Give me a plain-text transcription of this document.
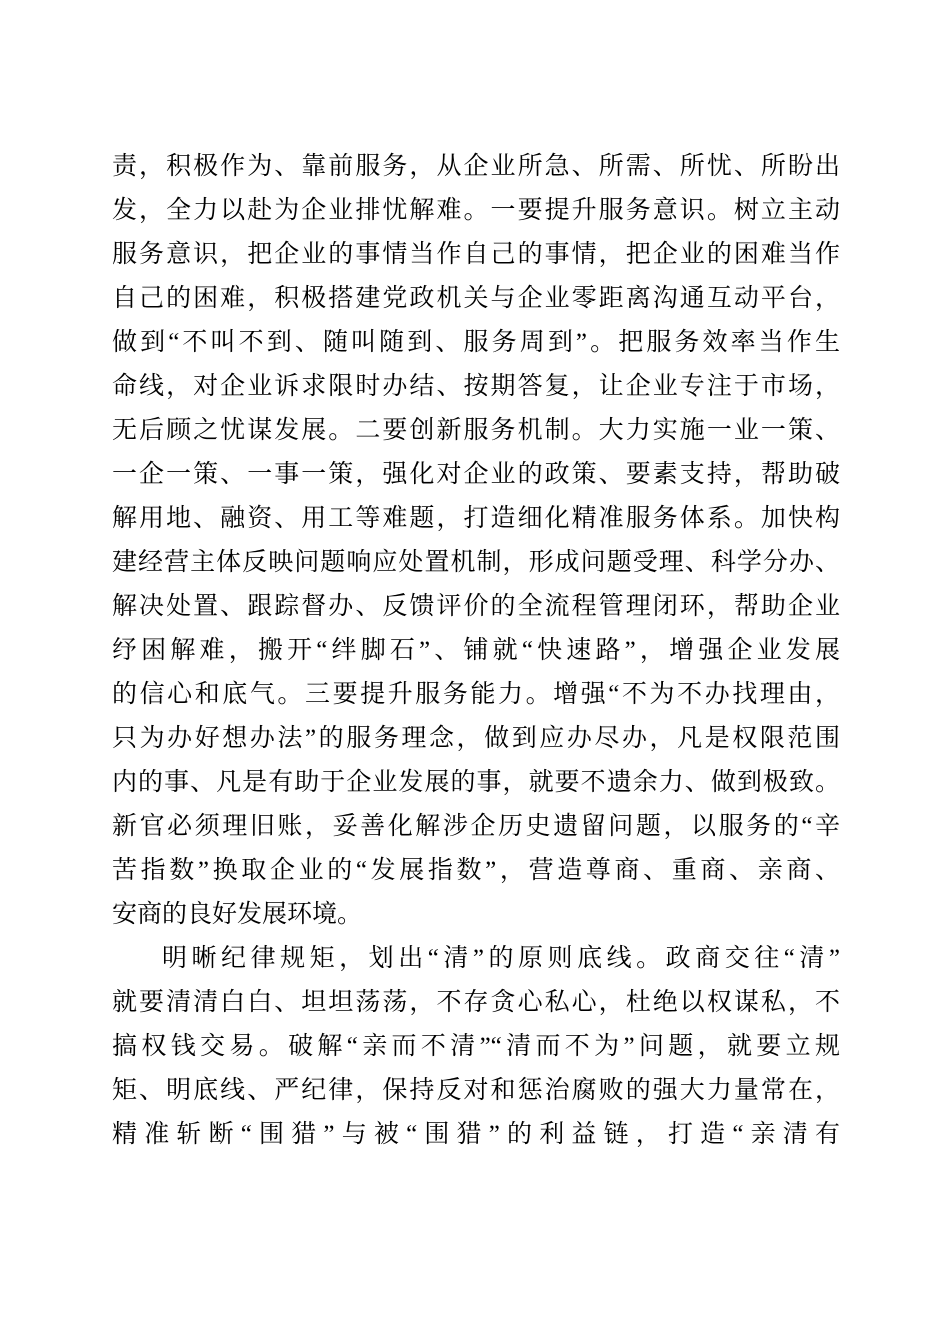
责，积极作为、靠前服务，从企业所急、所需、所忧、所盼出
发，全力以赴为企业排忧解难。一要提升服务意识。树立主动
服务意识，把企业的事情当作自己的事情，把企业的困难当作
自己的困难，积极搭建党政机关与企业零距离沟通互动平台，
做到“不叫不到、随叫随到、服务周到”。把服务效率当作生
命线，对企业诉求限时办结、按期答复，让企业专注于市场，
无后顾之忧谋发展。二要创新服务机制。大力实施一业一策、
一企一策、一事一策，强化对企业的政策、要素支持，帮助破
解用地、融资、用工等难题，打造细化精准服务体系。加快构
建经营主体反映问题响应处置机制，形成问题受理、科学分办、
解决处置、跟踪督办、反馈评价的全流程管理闭环，帮助企业
纾困解难，搬开“绊脚石”、铺就“快速路”，增强企业发展
的信心和底气。三要提升服务能力。增强“不为不办找理由，
只为办好想办法”的服务理念，做到应办尽办，凡是权限范围
内的事、凡是有助于企业发展的事，就要不遗余力、做到极致。
新官必须理旧账，妥善化解涉企历史遗留问题，以服务的“辛
苦指数”换取企业的“发展指数”，营造尊商、重商、亲商、
安商的良好发展环境。
明晰纪律规矩，划出“清”的原则底线。政商交往“清”
就要清清白白、坦坦荡荡，不存贪心私心，杜绝以权谋私，不
搞权钱交易。破解“亲而不清”“清而不为”问题，就要立规
矩、明底线、严纪律，保持反对和惩治腐败的强大力量常在，
精准斩断“围猎”与被“围猎”的利益链，打造“亲清有
